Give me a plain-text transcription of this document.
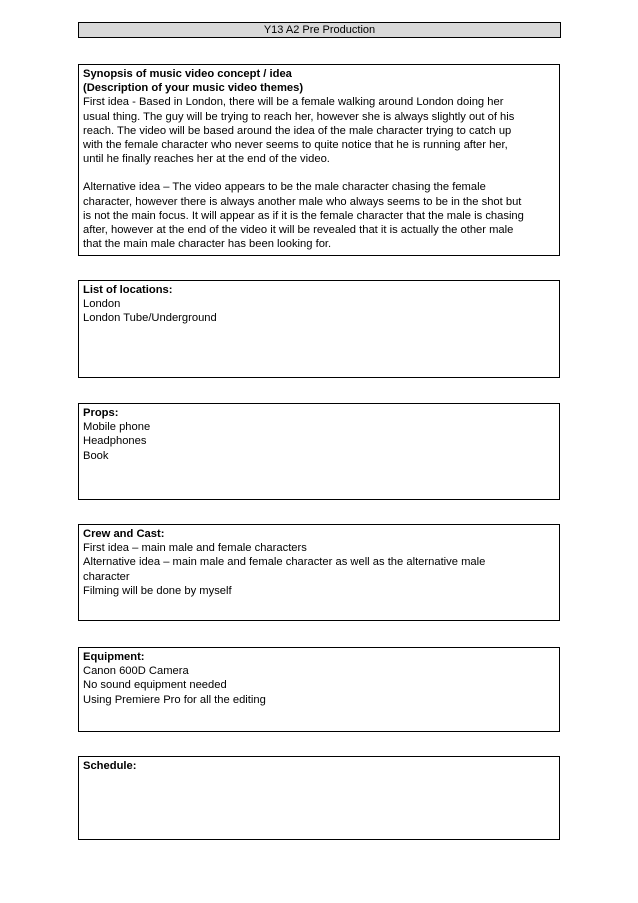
Y13 A2 Pre Production
Synopsis of music video concept / idea
(Description of your music video themes)
First idea - Based in London, there will be a female walking around London doing her
usual thing. The guy will be trying to reach her, however she is always slightly out of his
reach. The video will be based around the idea of the male character trying to catch up
with the female character who never seems to quite notice that he is running after her,
until he finally reaches her at the end of the video.
Alternative idea – The video appears to be the male character chasing the female
character, however there is always another male who always seems to be in the shot but
is not the main focus. It will appear as if it is the female character that the male is chasing
after, however at the end of the video it will be revealed that it is actually the other male
that the main male character has been looking for.
List of locations:
London
London Tube/Underground
Props:
Mobile phone
Headphones
Book
Crew and Cast:
First idea – main male and female characters
Alternative idea – main male and female character as well as the alternative male
character
Filming will be done by myself
Equipment:
Canon 600D Camera
No sound equipment needed
Using Premiere Pro for all the editing
Schedule:
